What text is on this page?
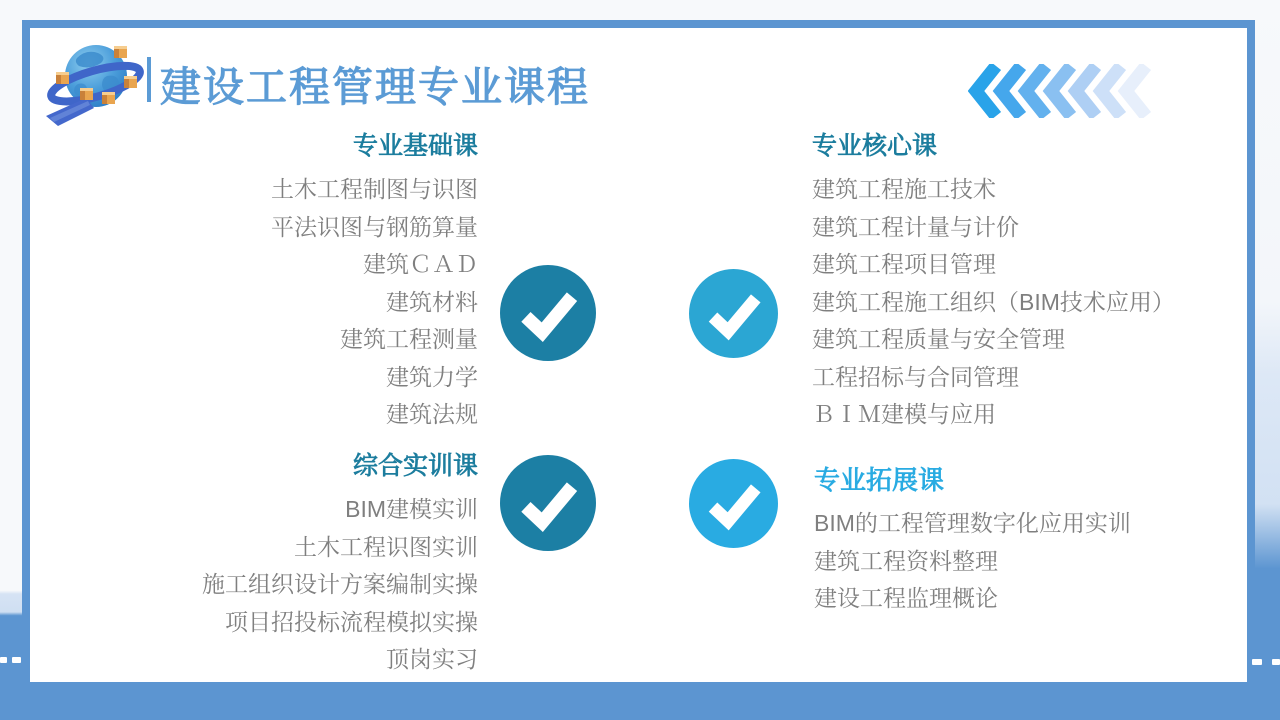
建设工程管理专业课程
专业基础课
土木工程制图与识图
平法识图与钢筋算量
建筑ＣＡＤ
建筑材料
建筑工程测量
建筑力学
建筑法规
专业核心课
建筑工程施工技术
建筑工程计量与计价
建筑工程项目管理
建筑工程施工组织（BIM技术应用）
建筑工程质量与安全管理
工程招标与合同管理
ＢＩＭ建模与应用
综合实训课
BIM建模实训
土木工程识图实训
施工组织设计方案编制实操
项目招投标流程模拟实操
顶岗实习
专业拓展课
BIM的工程管理数字化应用实训
建筑工程资料整理
建设工程监理概论
